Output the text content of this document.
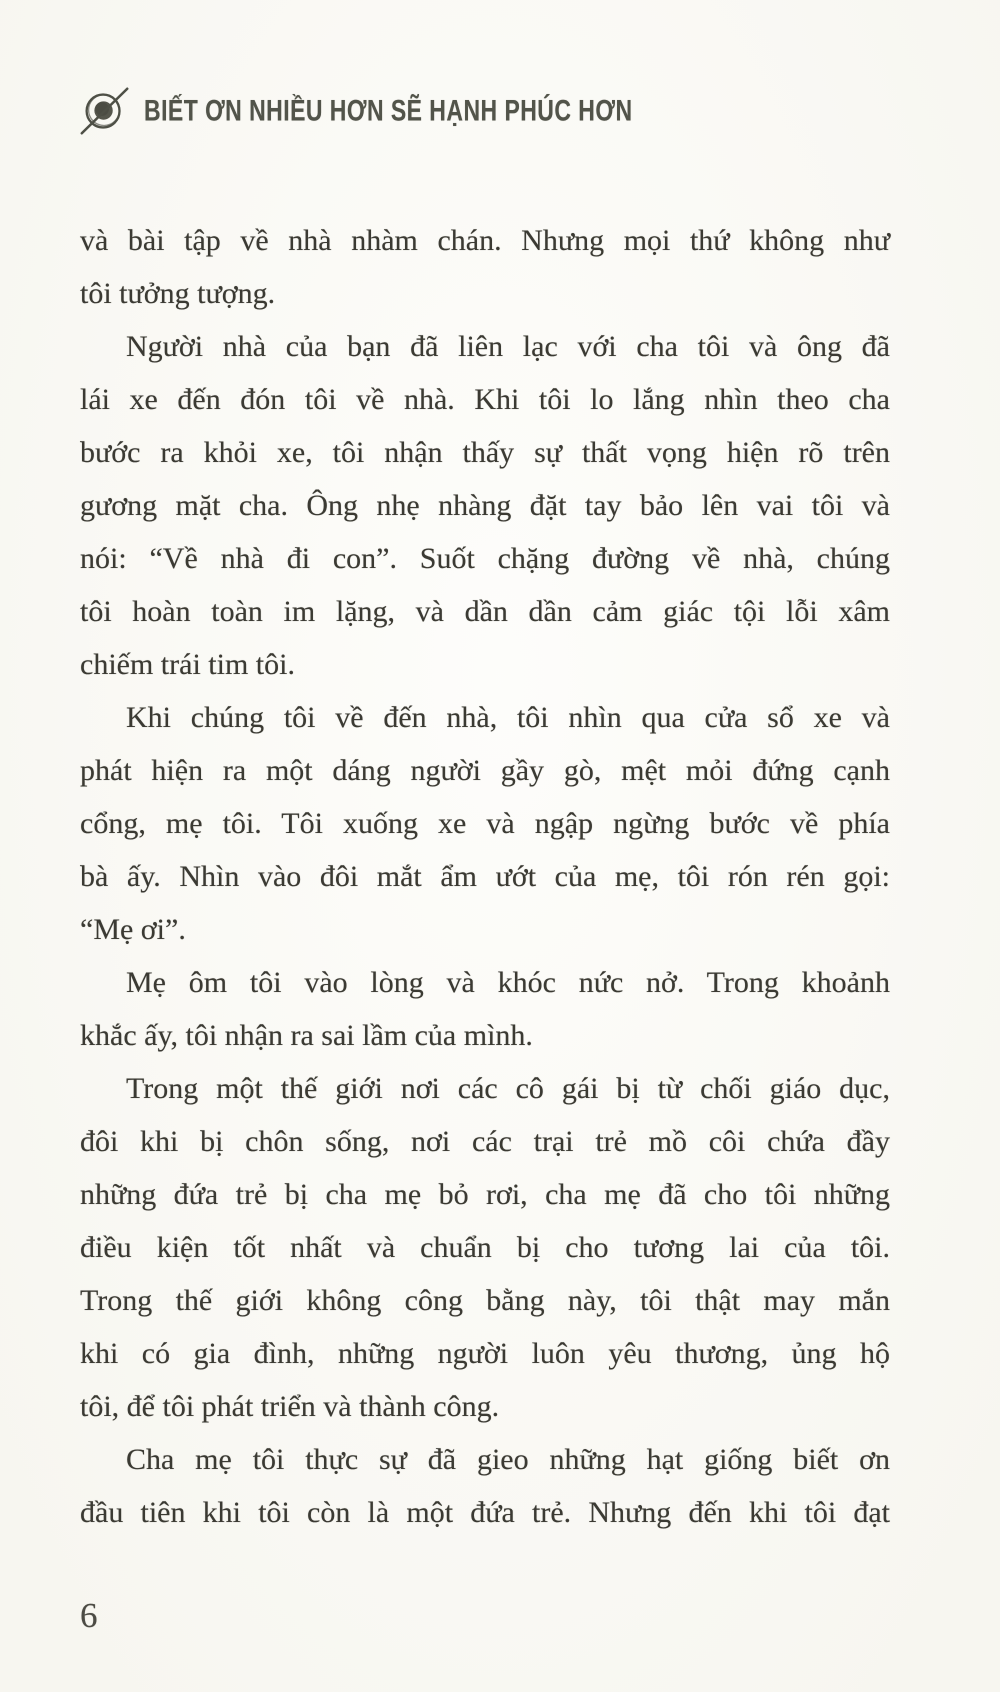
BIẾT ƠN NHIỀU HƠN SẼ HẠNH PHÚC HƠN
và bài tập về nhà nhàm chán. Nhưng mọi thứ không như
tôi tưởng tượng.
Người nhà của bạn đã liên lạc với cha tôi và ông đã
lái xe đến đón tôi về nhà. Khi tôi lo lắng nhìn theo cha
bước ra khỏi xe, tôi nhận thấy sự thất vọng hiện rõ trên
gương mặt cha. Ông nhẹ nhàng đặt tay bảo lên vai tôi và
nói: “Về nhà đi con”. Suốt chặng đường về nhà, chúng
tôi hoàn toàn im lặng, và dần dần cảm giác tội lỗi xâm
chiếm trái tim tôi.
Khi chúng tôi về đến nhà, tôi nhìn qua cửa sổ xe và
phát hiện ra một dáng người gầy gò, mệt mỏi đứng cạnh
cổng, mẹ tôi. Tôi xuống xe và ngập ngừng bước về phía
bà ấy. Nhìn vào đôi mắt ẩm ướt của mẹ, tôi rón rén gọi:
“Mẹ ơi”.
Mẹ ôm tôi vào lòng và khóc nức nở. Trong khoảnh
khắc ấy, tôi nhận ra sai lầm của mình.
Trong một thế giới nơi các cô gái bị từ chối giáo dục,
đôi khi bị chôn sống, nơi các trại trẻ mồ côi chứa đầy
những đứa trẻ bị cha mẹ bỏ rơi, cha mẹ đã cho tôi những
điều kiện tốt nhất và chuẩn bị cho tương lai của tôi.
Trong thế giới không công bằng này, tôi thật may mắn
khi có gia đình, những người luôn yêu thương, ủng hộ
tôi, để tôi phát triển và thành công.
Cha mẹ tôi thực sự đã gieo những hạt giống biết ơn
đầu tiên khi tôi còn là một đứa trẻ. Nhưng đến khi tôi đạt
6
